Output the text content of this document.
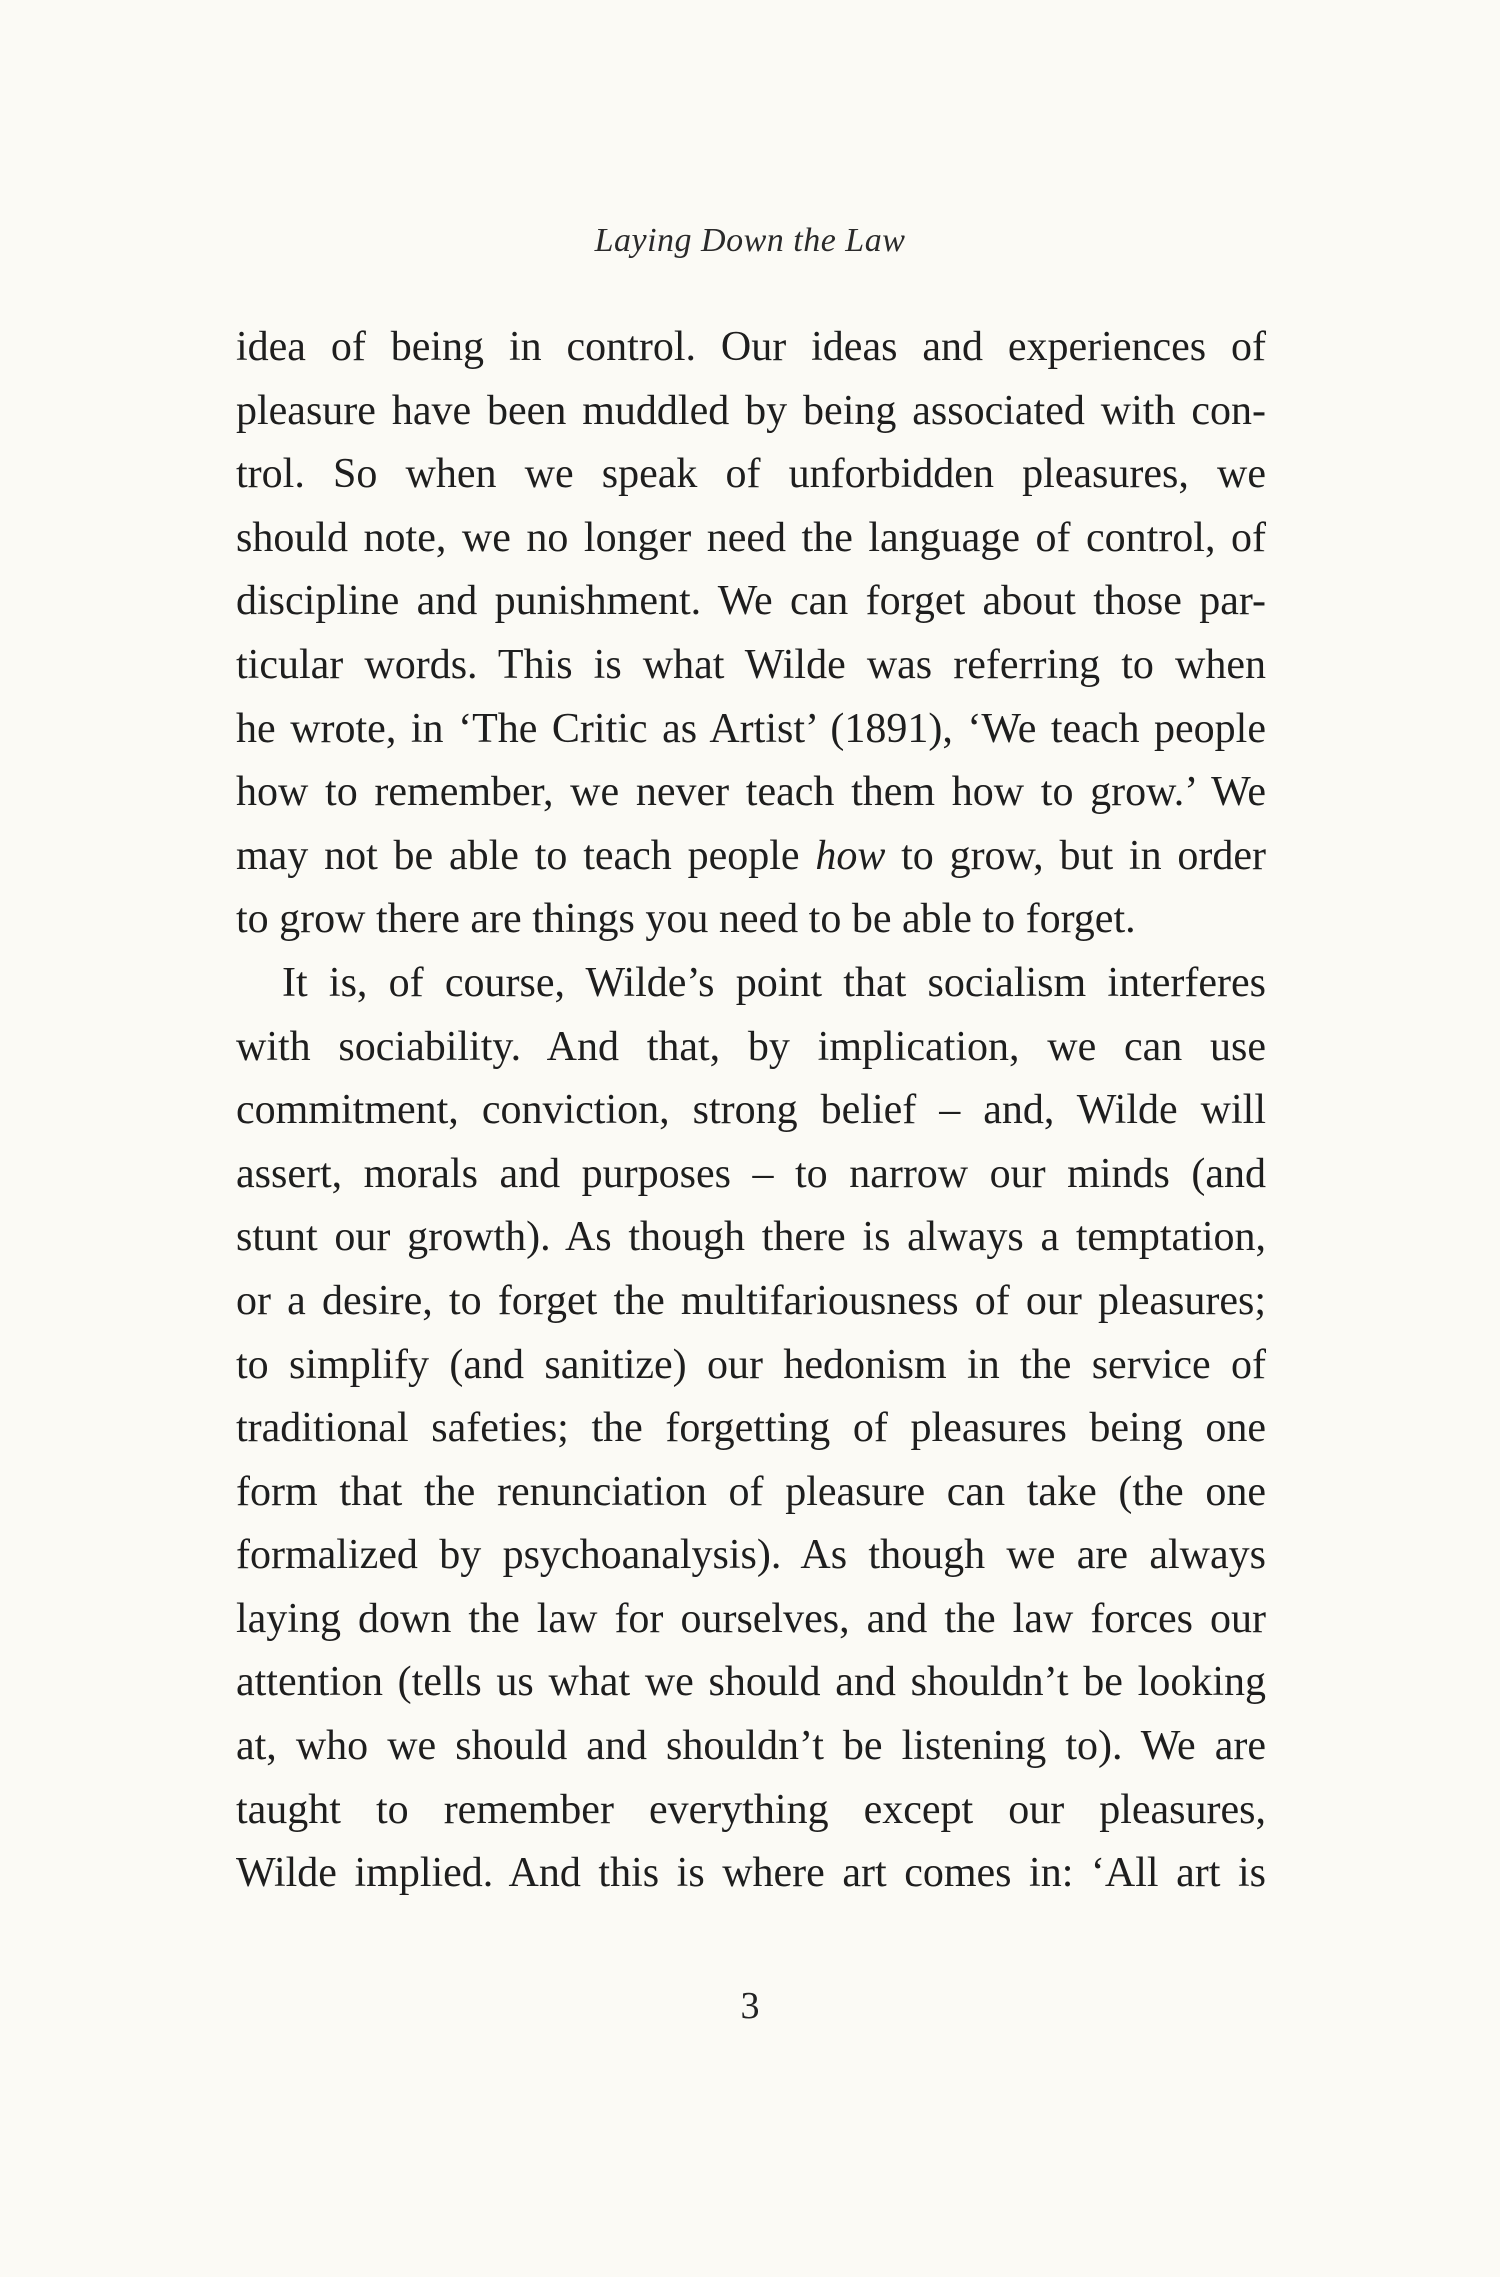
Laying Down the Law
idea of being in control. Our ideas and experiences of
pleasure have been muddled by being associated with con-
trol. So when we speak of unforbidden pleasures, we
should note, we no longer need the language of control, of
discipline and punishment. We can forget about those par-
ticular words. This is what Wilde was referring to when
he wrote, in ‘The Critic as Artist’ (1891), ‘We teach people
how to remember, we never teach them how to grow.’ We
may not be able to teach people how to grow, but in order
to grow there are things you need to be able to forget.
It is, of course, Wilde’s point that socialism interferes
with sociability. And that, by implication, we can use
commitment, conviction, strong belief – and, Wilde will
assert, morals and purposes – to narrow our minds (and
stunt our growth). As though there is always a temptation,
or a desire, to forget the multifariousness of our pleasures;
to simplify (and sanitize) our hedonism in the service of
traditional safeties; the forgetting of pleasures being one
form that the renunciation of pleasure can take (the one
formalized by psychoanalysis). As though we are always
laying down the law for ourselves, and the law forces our
attention (tells us what we should and shouldn’t be looking
at, who we should and shouldn’t be listening to). We are
taught to remember everything except our pleasures,
Wilde implied. And this is where art comes in: ‘All art is
3
